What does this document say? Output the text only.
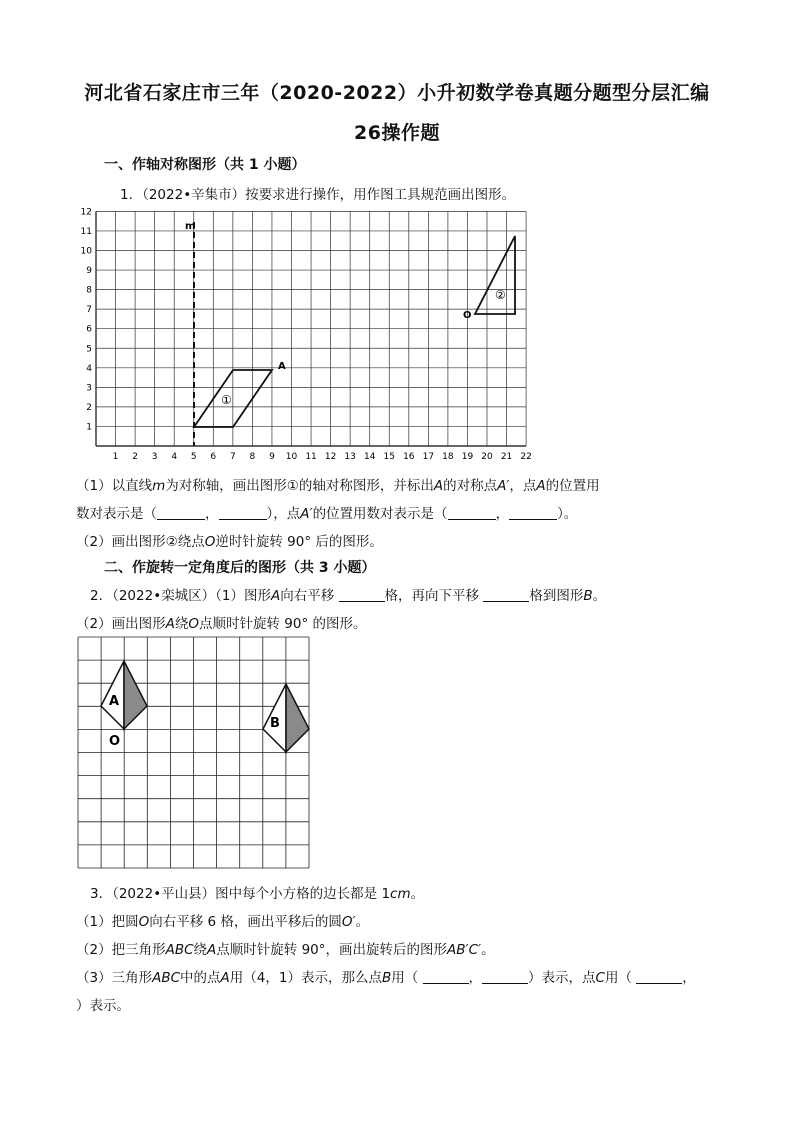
河北省石家庄市三年（2020-2022）小升初数学卷真题分题型分层汇编
26操作题
一、作轴对称图形（共 1 小题）
1．（2022•辛集市）按要求进行操作，用作图工具规范画出图形。
1 2 3 4 5 6 7 8 9 10 11 12 13 14 15 16 17 18 19 20 21 22
1
2
3
4
5
6
7
8
9
10
11
12
m
①
A
②
O
（1）以直线m为对称轴，画出图形①的轴对称图形，并标出A的对称点A′，点A的位置用
数对表示是（	，	），点A′的位置用数对表示是（	，	）。
（2）画出图形②绕点O逆时针旋转 90° 后的图形。
二、作旋转一定角度后的图形（共 3 小题）
2．（2022•栾城区）（1）图形A向右平移	格，再向下平移	格到图形B。
（2）画出图形A绕O点顺时针旋转 90° 的图形。
A
O
B
3．（2022•平山县）图中每个小方格的边长都是 1cm。
（1）把圆O向右平移 6 格，画出平移后的圆O′。
（2）把三角形ABC绕A点顺时针旋转 90°，画出旋转后的图形AB′C′。
（3）三角形ABC中的点A用（4，1）表示，那么点B用（	，	）表示，点C用（	，
）表示。
